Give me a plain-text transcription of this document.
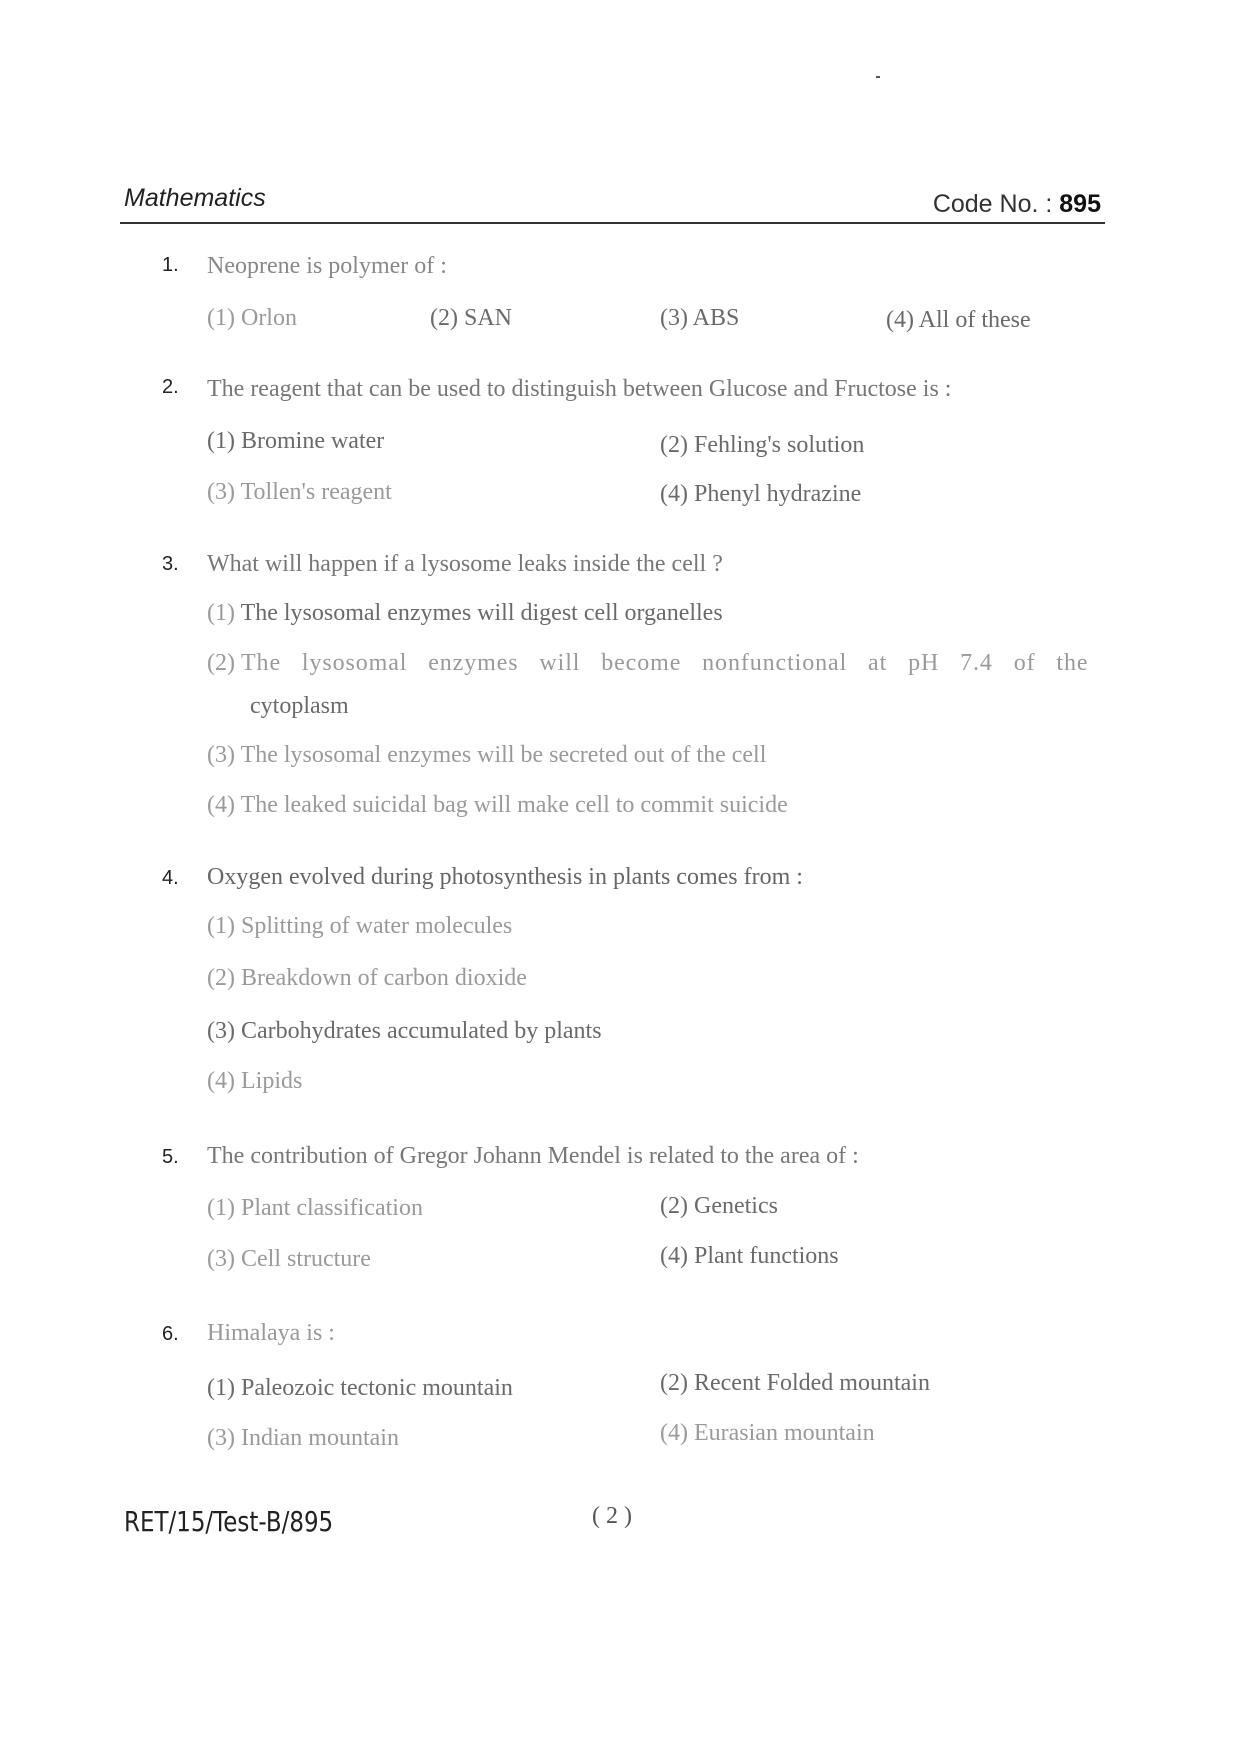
Mathematics	Code No. : 895
1. Neoprene is polymer of :
(1) Orlon	(2) SAN	(3) ABS	(4) All of these
2. The reagent that can be used to distinguish between Glucose and Fructose is :
(1) Bromine water	(2) Fehling's solution
(3) Tollen's reagent	(4) Phenyl hydrazine
3. What will happen if a lysosome leaks inside the cell ?
(1) The lysosomal enzymes will digest cell organelles
(2) The lysosomal enzymes will become nonfunctional at pH 7.4 of the
cytoplasm
(3) The lysosomal enzymes will be secreted out of the cell
(4) The leaked suicidal bag will make cell to commit suicide
4. Oxygen evolved during photosynthesis in plants comes from :
(1) Splitting of water molecules
(2) Breakdown of carbon dioxide
(3) Carbohydrates accumulated by plants
(4) Lipids
5. The contribution of Gregor Johann Mendel is related to the area of :
(1) Plant classification	(2) Genetics
(3) Cell structure	(4) Plant functions
6. Himalaya is :
(1) Paleozoic tectonic mountain	(2) Recent Folded mountain
(3) Indian mountain	(4) Eurasian mountain
RET/15/Test-B/895	( 2 )
